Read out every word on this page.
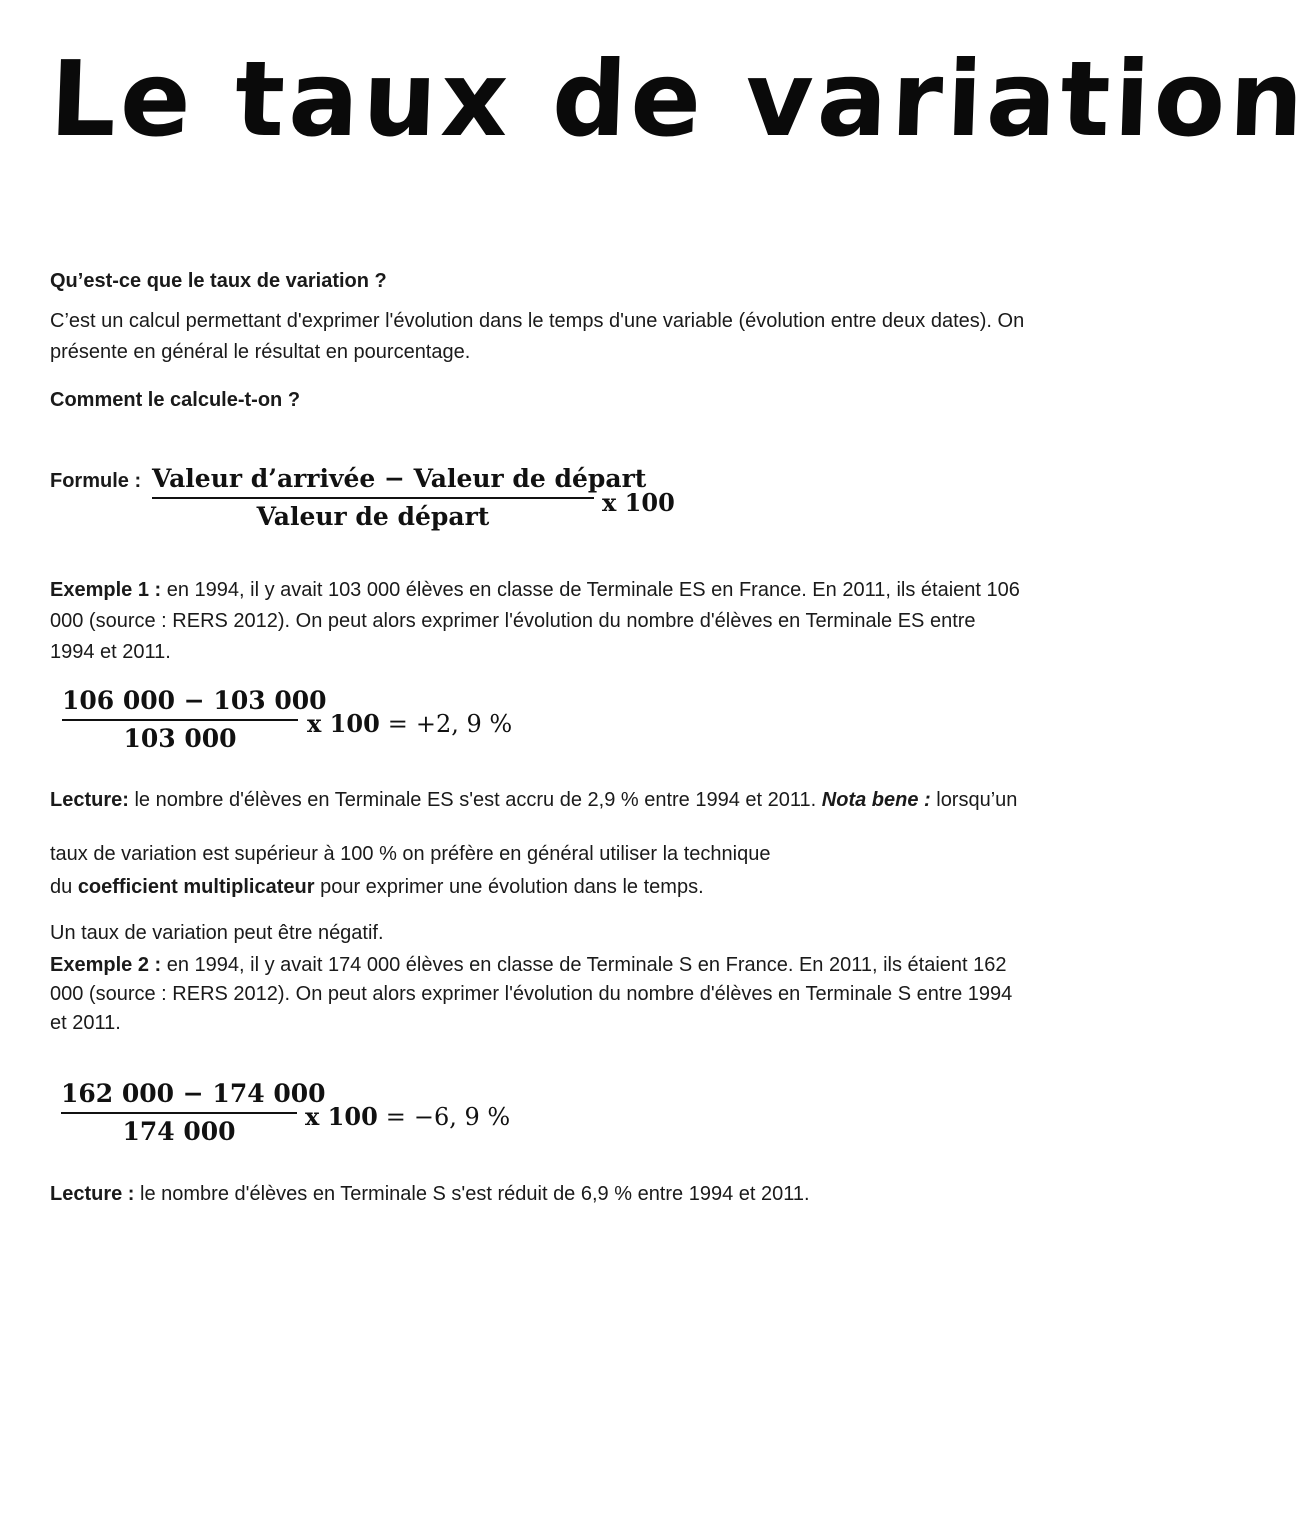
Le taux de variation
Qu’est-ce que le taux de variation ?
C’est un calcul permettant d'exprimer l'évolution dans le temps d'une variable (évolution entre deux dates). On présente en général le résultat en pourcentage.
Comment le calcule-t-on ?
Formule : Valeur d’arrivée − Valeur de départ
Valeur de départ	x 100
Exemple 1 : en 1994, il y avait 103 000 élèves en classe de Terminale ES en France. En 2011, ils étaient 106 000 (source : RERS 2012). On peut alors exprimer l'évolution du nombre d'élèves en Terminale ES entre 1994 et 2011.
106 000 − 103 000
103 000
x 100 = +2, 9 %
Lecture: le nombre d'élèves en Terminale ES s'est accru de 2,9 % entre 1994 et 2011. Nota bene : lorsqu’un
taux de variation est supérieur à 100 % on préfère en général utiliser la technique
du coefficient multiplicateur pour exprimer une évolution dans le temps.
Un taux de variation peut être négatif.
Exemple 2 : en 1994, il y avait 174 000 élèves en classe de Terminale S en France. En 2011, ils étaient 162 000 (source : RERS 2012). On peut alors exprimer l'évolution du nombre d'élèves en Terminale S entre 1994 et 2011.
162 000 − 174 000
174 000
x 100 = −6, 9 %
Lecture : le nombre d'élèves en Terminale S s'est réduit de 6,9 % entre 1994 et 2011.
